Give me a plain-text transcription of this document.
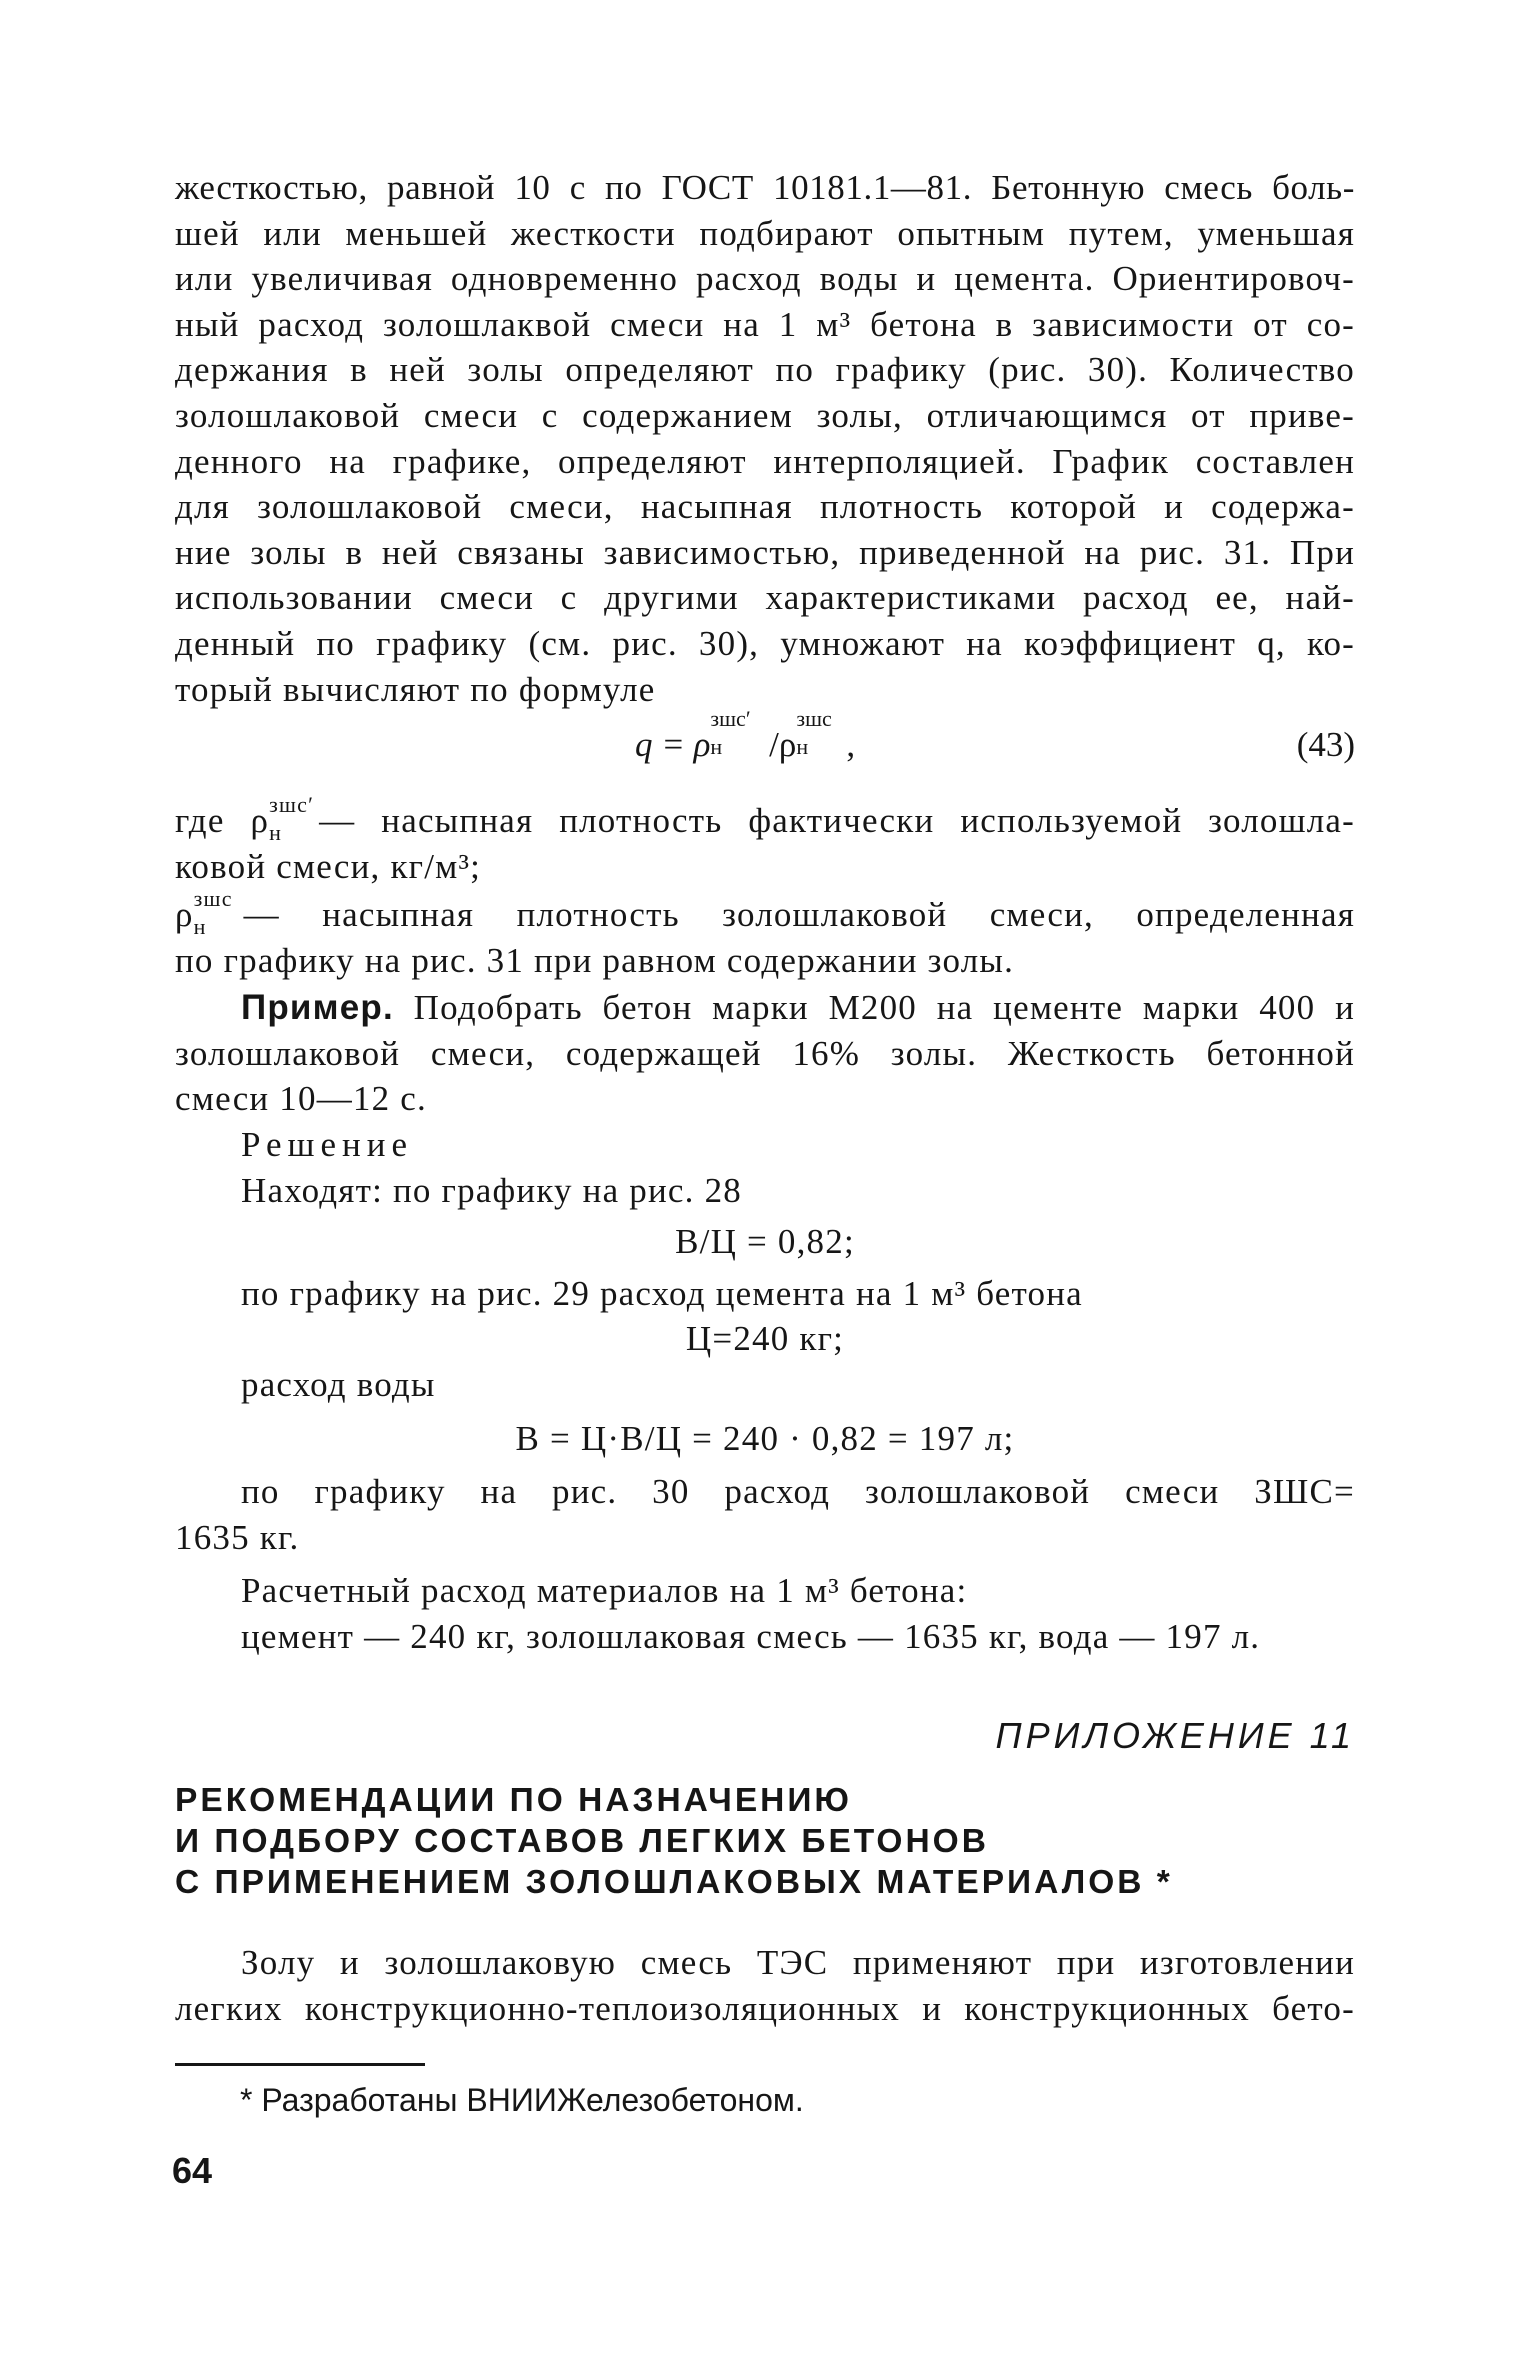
жесткостью, равной 10 с по ГОСТ 10181.1—81. Бетонную смесь боль-
шей или меньшей жесткости подбирают опытным путем, уменьшая
или увеличивая одновременно расход воды и цемента. Ориентировоч-
ный расход золошлаквой смеси на 1 м³ бетона в зависимости от со-
держания в ней золы определяют по графику (рис. 30). Количество
золошлаковой смеси с содержанием золы, отличающимся от приве-
денного на графике, определяют интерполяцией. График составлен
для золошлаковой смеси, насыпная плотность которой и содержа-
ние золы в ней связаны зависимостью, приведенной на рис. 31. При
использовании смеси с другими характеристиками расход ее, най-
денный по графику (см. рис. 30), умножают на коэффициент q, ко-
торый вычисляют по формуле

q = ρ
зшс′
н /ρ
зшс
н ,	(43)

где ρ зшс′
н — насыпная плотность фактически используемой золошла-
ковой смеси, кг/м³;

ρ зшс
н — насыпная плотность золошлаковой смеси, определенная
по графику на рис. 31 при равном содержании золы.

Пример. Подобрать бетон марки М200 на цементе марки 400 и
золошлаковой смеси, содержащей 16% золы. Жесткость бетонной
смеси 10—12 с.

Решение
Находят: по графику на рис. 28
В/Ц = 0,82;
по графику на рис. 29 расход цемента на 1 м³ бетона
Ц=240 кг;
расход воды
В = Ц·В/Ц = 240 · 0,82 = 197 л;
по графику на рис. 30 расход золошлаковой смеси ЗШС=
1635 кг.
Расчетный расход материалов на 1 м³ бетона:
цемент — 240 кг, золошлаковая смесь — 1635 кг, вода — 197 л.

ПРИЛОЖЕНИЕ 11
РЕКОМЕНДАЦИИ ПО НАЗНАЧЕНИЮ
И ПОДБОРУ СОСТАВОВ ЛЕГКИХ БЕТОНОВ
С ПРИМЕНЕНИЕМ ЗОЛОШЛАКОВЫХ МАТЕРИАЛОВ *

Золу и золошлаковую смесь ТЭС применяют при изготовлении
легких конструкционно-теплоизоляционных и конструкционных бето-

* Разработаны ВНИИЖелезобетоном.
64
